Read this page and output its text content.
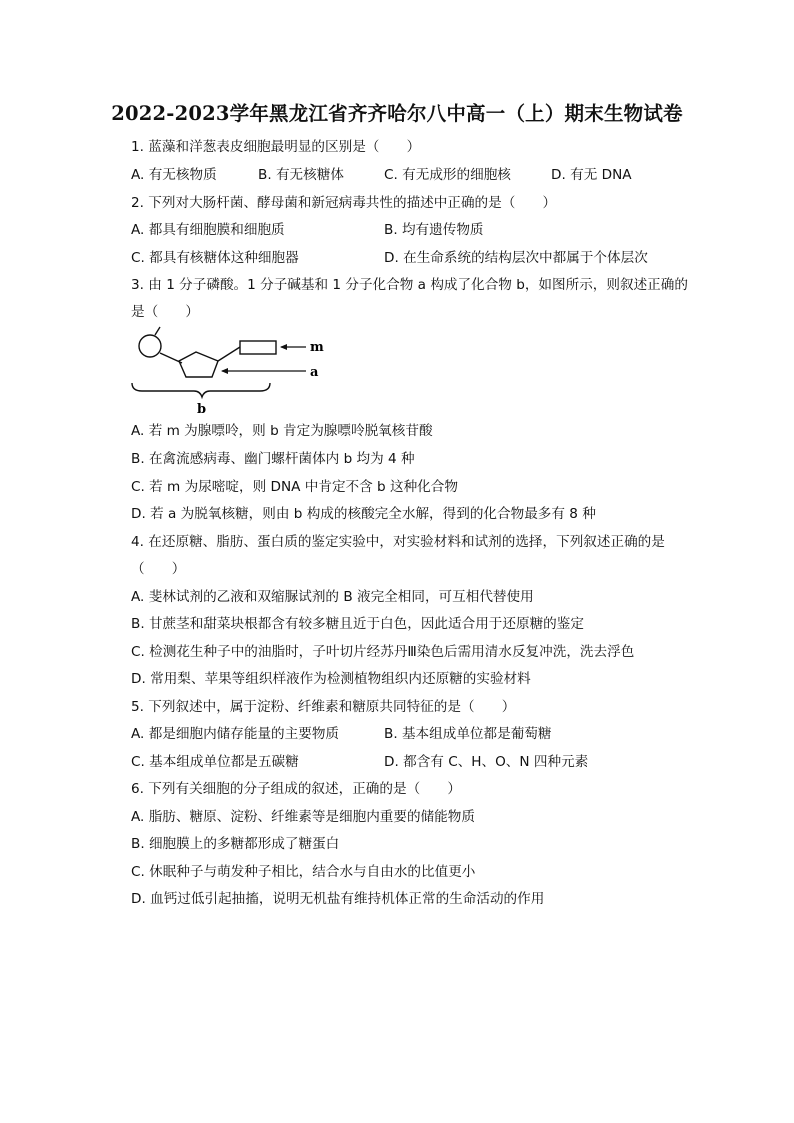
2022-2023学年黑龙江省齐齐哈尔八中高一（上）期末生物试卷
1. 蓝藻和洋葱表皮细胞最明显的区别是（　　）
A. 有无核物质	B. 有无核糖体	C. 有无成形的细胞核	D. 有无 DNA
2. 下列对大肠杆菌、酵母菌和新冠病毒共性的描述中正确的是（　　）
A. 都具有细胞膜和细胞质	B. 均有遗传物质
C. 都具有核糖体这种细胞器	D. 在生命系统的结构层次中都属于个体层次
3. 由 1 分子磷酸。1 分子碱基和 1 分子化合物 a 构成了化合物 b，如图所示，则叙述正确的
是（　　）
m
a
b
A. 若 m 为腺嘌呤，则 b 肯定为腺嘌呤脱氧核苷酸
B. 在禽流感病毒、幽门螺杆菌体内 b 均为 4 种
C. 若 m 为尿嘧啶，则 DNA 中肯定不含 b 这种化合物
D. 若 a 为脱氧核糖，则由 b 构成的核酸完全水解，得到的化合物最多有 8 种
4. 在还原糖、脂肪、蛋白质的鉴定实验中，对实验材料和试剂的选择，下列叙述正确的是
（　　）
A. 斐林试剂的乙液和双缩脲试剂的 B 液完全相同，可互相代替使用
B. 甘蔗茎和甜菜块根都含有较多糖且近于白色，因此适合用于还原糖的鉴定
C. 检测花生种子中的油脂时，子叶切片经苏丹Ⅲ染色后需用清水反复冲洗，洗去浮色
D. 常用梨、苹果等组织样液作为检测植物组织内还原糖的实验材料
5. 下列叙述中，属于淀粉、纤维素和糖原共同特征的是（　　）
A. 都是细胞内储存能量的主要物质	B. 基本组成单位都是葡萄糖
C. 基本组成单位都是五碳糖	D. 都含有 C、H、O、N 四种元素
6. 下列有关细胞的分子组成的叙述，正确的是（　　）
A. 脂肪、糖原、淀粉、纤维素等是细胞内重要的储能物质
B. 细胞膜上的多糖都形成了糖蛋白
C. 休眠种子与萌发种子相比，结合水与自由水的比值更小
D. 血钙过低引起抽搐，说明无机盐有维持机体正常的生命活动的作用
